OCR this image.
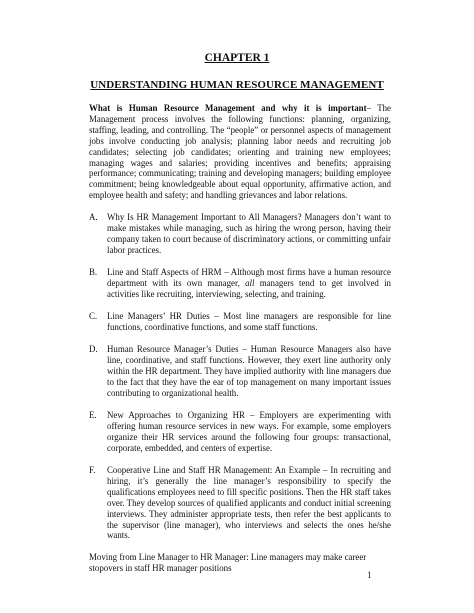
CHAPTER 1
UNDERSTANDING HUMAN RESOURCE MANAGEMENT
What is Human Resource Management and why it is important– The Management process involves the following functions: planning, organizing, staffing, leading, and controlling. The “people” or personnel aspects of management jobs involve conducting job analysis; planning labor needs and recruiting job candidates; selecting job candidates; orienting and training new employees; managing wages and salaries; providing incentives and benefits; appraising performance; communicating; training and developing managers; building employee commitment; being knowledgeable about equal opportunity, affirmative action, and employee health and safety; and handling grievances and labor relations.
A. Why Is HR Management Important to All Managers? Managers don’t want to make mistakes while managing, such as hiring the wrong person, having their company taken to court because of discriminatory actions, or committing unfair labor practices.
B. Line and Staff Aspects of HRM – Although most firms have a human resource department with its own manager, all managers tend to get involved in activities like recruiting, interviewing, selecting, and training.
C. Line Managers’ HR Duties – Most line managers are responsible for line functions, coordinative functions, and some staff functions.
D. Human Resource Manager’s Duties – Human Resource Managers also have line, coordinative, and staff functions. However, they exert line authority only within the HR department. They have implied authority with line managers due to the fact that they have the ear of top management on many important issues contributing to organizational health.
E. New Approaches to Organizing HR – Employers are experimenting with offering human resource services in new ways. For example, some employers organize their HR services around the following four groups: transactional, corporate, embedded, and centers of expertise.
F. Cooperative Line and Staff HR Management: An Example – In recruiting and hiring, it’s generally the line manager’s responsibility to specify the qualifications employees need to fill specific positions. Then the HR staff takes over. They develop sources of qualified applicants and conduct initial screening interviews. They administer appropriate tests, then refer the best applicants to the supervisor (line manager), who interviews and selects the ones he/she wants.
Moving from Line Manager to HR Manager: Line managers may make career stopovers in staff HR manager positions
1
